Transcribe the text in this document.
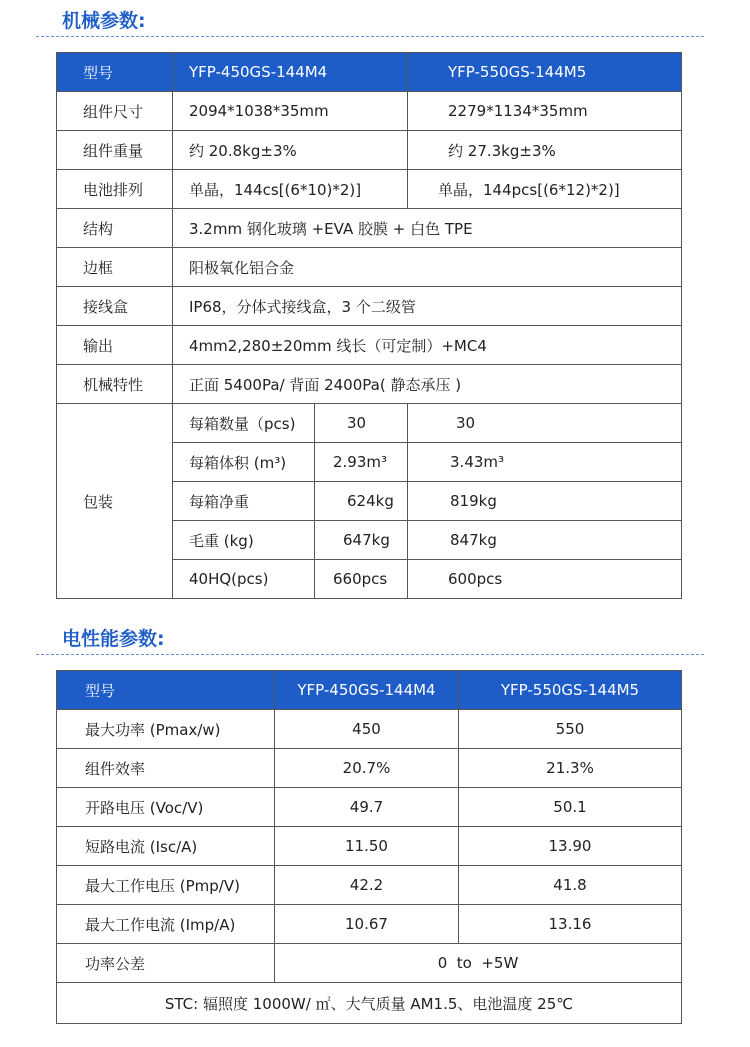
机械参数:
型号	YFP-450GS-144M4		YFP-550GS-144M5
组件尺寸	2094*1038*35mm		2279*1134*35mm
组件重量	约 20.8kg±3%		约 27.3kg±3%
电池排列	单晶，144cs[(6*10)*2)]		单晶，144pcs[(6*12)*2)]
结构	3.2mm 钢化玻璃 +EVA 胶膜 + 白色 TPE		
边框	阳极氧化铝合金		
接线盒	IP68，分体式接线盒，3 个二级管		
输出	4mm2,280±20mm 线长（可定制）+MC4		
机械特性	正面 5400Pa/ 背面 2400Pa( 静态承压 )		
包装	每箱数量（pcs)	30	30
	每箱体积 (m³)	2.93m³	3.43m³
	每箱净重	624kg	819kg
	毛重 (kg)	647kg	847kg
	40HQ(pcs)	660pcs	600pcs
电性能参数:
型号	YFP-450GS-144M4	YFP-550GS-144M5
最大功率 (Pmax/w)	450	550
组件效率	20.7%	21.3%
开路电压 (Voc/V)	49.7	50.1
短路电流 (Isc/A)	11.50	13.90
最大工作电压 (Pmp/V)	42.2	41.8
最大工作电流 (Imp/A)	10.67	13.16
功率公差	0  to  +5W	
STC: 辐照度 1000W/ ㎡、大气质量 AM1.5、电池温度 25℃		
